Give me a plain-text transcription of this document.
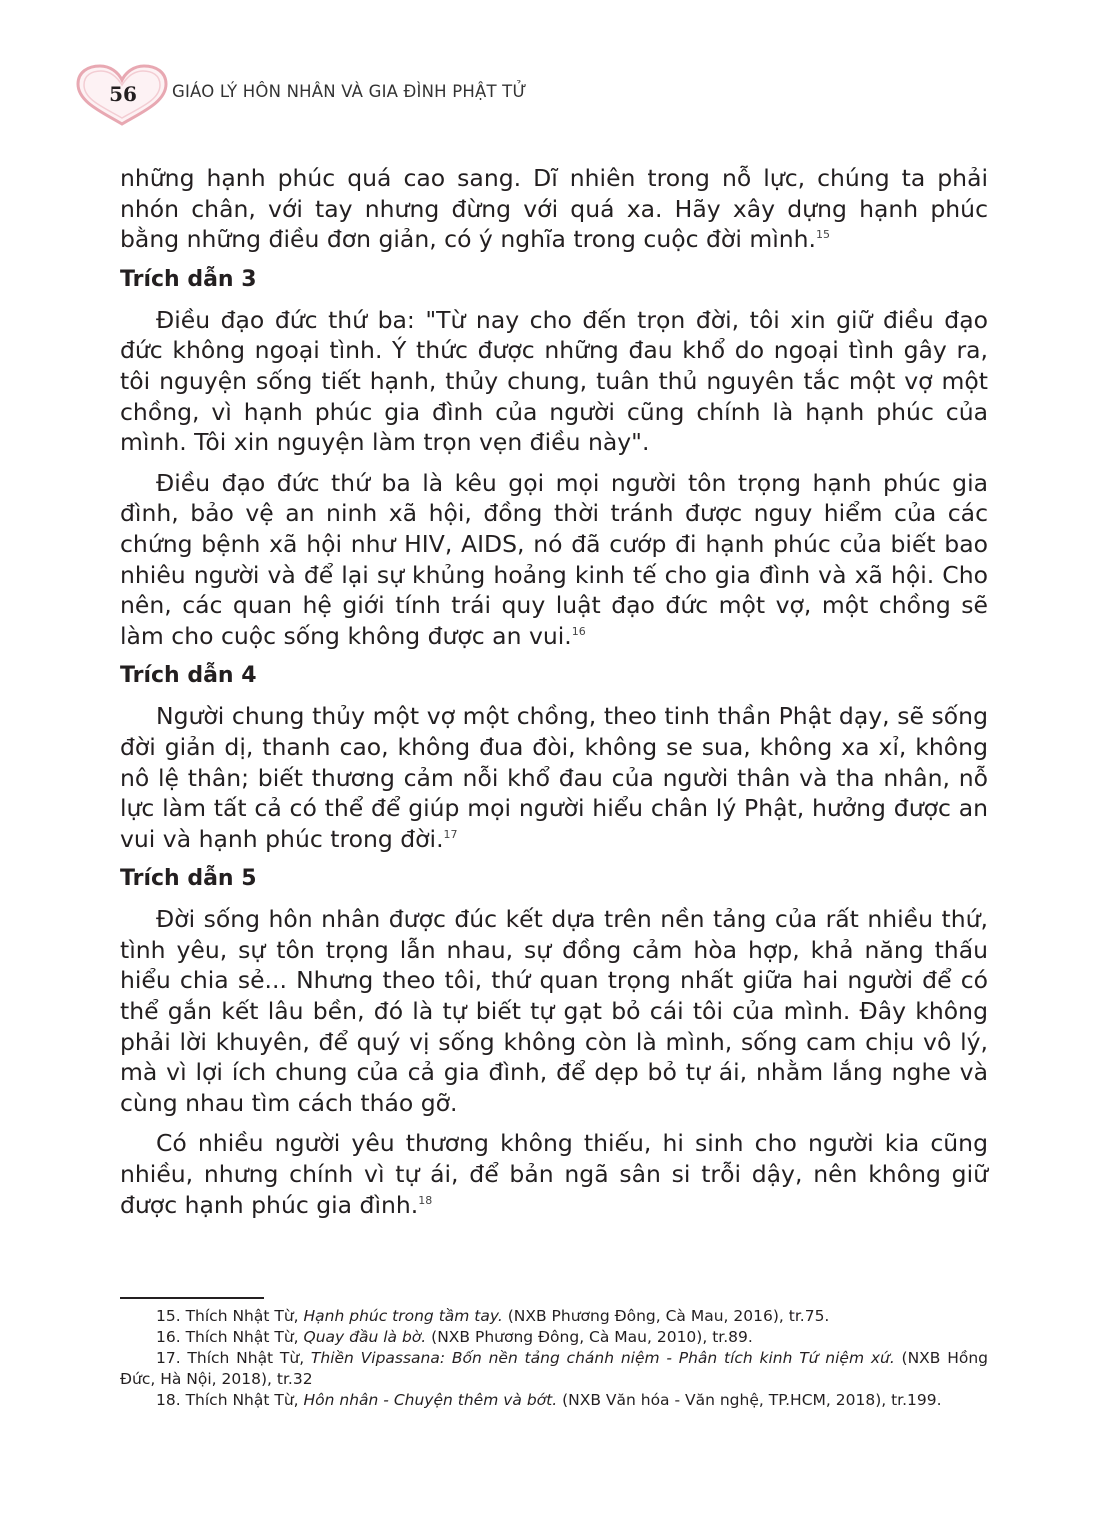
56	GIÁO LÝ HÔN NHÂN VÀ GIA ĐÌNH PHẬT TỬ

những hạnh phúc quá cao sang. Dĩ nhiên trong nỗ lực, chúng ta phải nhón chân, với tay nhưng đừng với quá xa. Hãy xây dựng hạnh phúc bằng những điều đơn giản, có ý nghĩa trong cuộc đời mình.$^{15}$

Trích dẫn 3

Điều đạo đức thứ ba: "Từ nay cho đến trọn đời, tôi xin giữ điều đạo đức không ngoại tình. Ý thức được những đau khổ do ngoại tình gây ra, tôi nguyện sống tiết hạnh, thủy chung, tuân thủ nguyên tắc một vợ một chồng, vì hạnh phúc gia đình của người cũng chính là hạnh phúc của mình. Tôi xin nguyện làm trọn vẹn điều này".

Điều đạo đức thứ ba là kêu gọi mọi người tôn trọng hạnh phúc gia đình, bảo vệ an ninh xã hội, đồng thời tránh được nguy hiểm của các chứng bệnh xã hội như HIV, AIDS, nó đã cướp đi hạnh phúc của biết bao nhiêu người và để lại sự khủng hoảng kinh tế cho gia đình và xã hội. Cho nên, các quan hệ giới tính trái quy luật đạo đức một vợ, một chồng sẽ làm cho cuộc sống không được an vui.$^{16}$

Trích dẫn 4

Người chung thủy một vợ một chồng, theo tinh thần Phật dạy, sẽ sống đời giản dị, thanh cao, không đua đòi, không se sua, không xa xỉ, không nô lệ thân; biết thương cảm nỗi khổ đau của người thân và tha nhân, nỗ lực làm tất cả có thể để giúp mọi người hiểu chân lý Phật, hưởng được an vui và hạnh phúc trong đời.$^{17}$

Trích dẫn 5

Đời sống hôn nhân được đúc kết dựa trên nền tảng của rất nhiều thứ, tình yêu, sự tôn trọng lẫn nhau, sự đồng cảm hòa hợp, khả năng thấu hiểu chia sẻ... Nhưng theo tôi, thứ quan trọng nhất giữa hai người để có thể gắn kết lâu bền, đó là tự biết tự gạt bỏ cái tôi của mình. Đây không phải lời khuyên, để quý vị sống không còn là mình, sống cam chịu vô lý, mà vì lợi ích chung của cả gia đình, để dẹp bỏ tự ái, nhằm lắng nghe và cùng nhau tìm cách tháo gỡ.

Có nhiều người yêu thương không thiếu, hi sinh cho người kia cũng nhiều, nhưng chính vì tự ái, để bản ngã sân si trỗi dậy, nên không giữ được hạnh phúc gia đình.$^{18}$

15. Thích Nhật Từ, Hạnh phúc trong tầm tay. (NXB Phương Đông, Cà Mau, 2016), tr.75.

16. Thích Nhật Từ, Quay đầu là bờ. (NXB Phương Đông, Cà Mau, 2010), tr.89.

17. Thích Nhật Từ, Thiền Vipassana: Bốn nền tảng chánh niệm - Phân tích kinh Tứ niệm xứ. (NXB Hồng Đức, Hà Nội, 2018), tr.32

18. Thích Nhật Từ, Hôn nhân - Chuyện thêm và bớt. (NXB Văn hóa - Văn nghệ, TP.HCM, 2018), tr.199.
